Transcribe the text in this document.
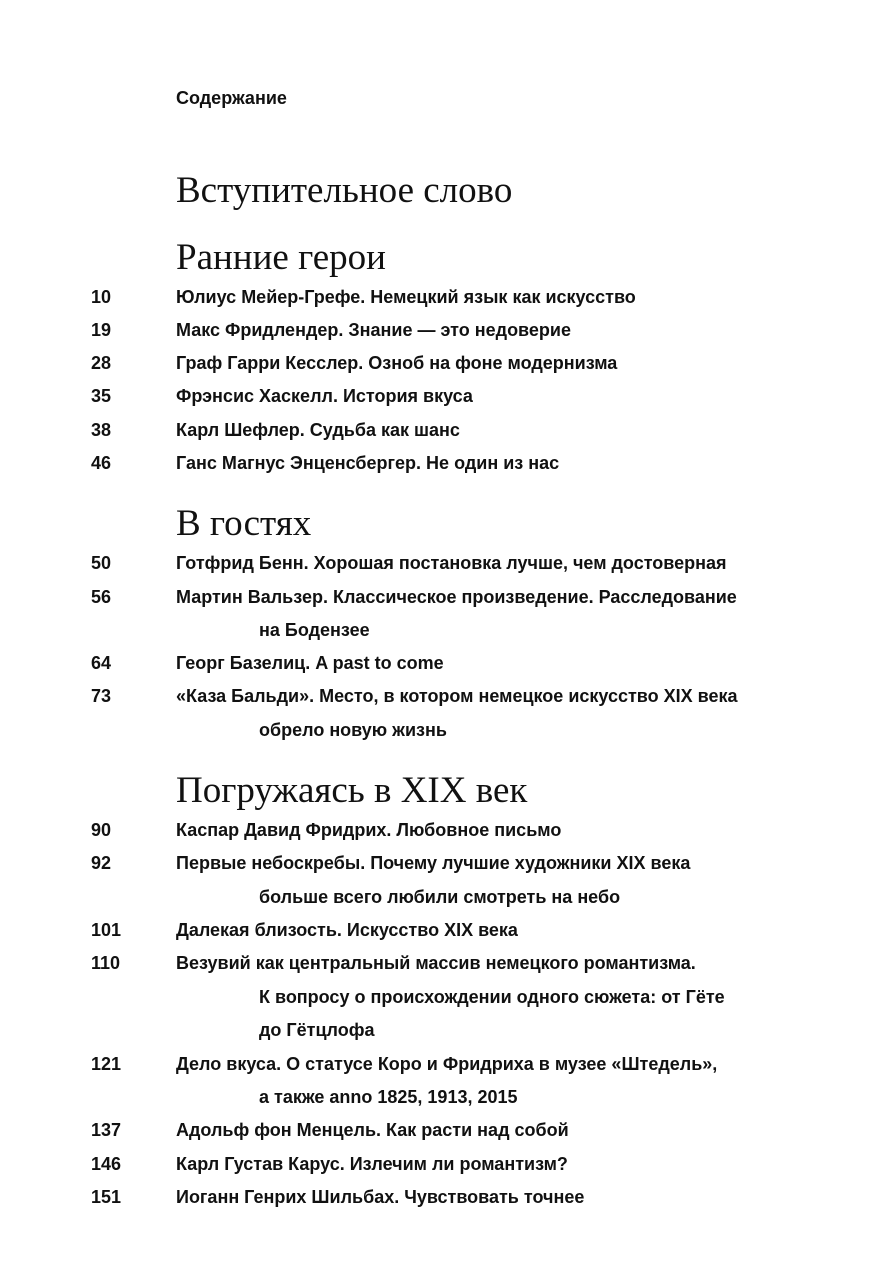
Содержание
Вступительное слово
Ранние герои
10	Юлиус Мейер-Грефе. Немецкий язык как искусство
19	Макс Фридлендер. Знание — это недоверие
28	Граф Гарри Кесслер. Озноб на фоне модернизма
35	Фрэнсис Хаскелл. История вкуса
38	Карл Шефлер. Судьба как шанс
46	Ганс Магнус Энценсбергер. Не один из нас
В гостях
50	Готфрид Бенн. Хорошая постановка лучше, чем достоверная
56	Мартин Вальзер. Классическое произведение. Расследование
на Бодензее
64	Георг Базелиц. A past to come
73	«Каза Бальди». Место, в котором немецкое искусство XIX века
обрело новую жизнь
Погружаясь в XIX век
90	Каспар Давид Фридрих. Любовное письмо
92	Первые небоскребы. Почему лучшие художники XIX века
больше всего любили смотреть на небо
101	Далекая близость. Искусство XIX века
110	Везувий как центральный массив немецкого романтизма.
К вопросу о происхождении одного сюжета: от Гёте
до Гётцлофа
121	Дело вкуса. О статусе Коро и Фридриха в музее «Штедель»,
а также anno 1825, 1913, 2015
137	Адольф фон Менцель. Как расти над собой
146	Карл Густав Карус. Излечим ли романтизм?
151	Иоганн Генрих Шильбах. Чувствовать точнее
